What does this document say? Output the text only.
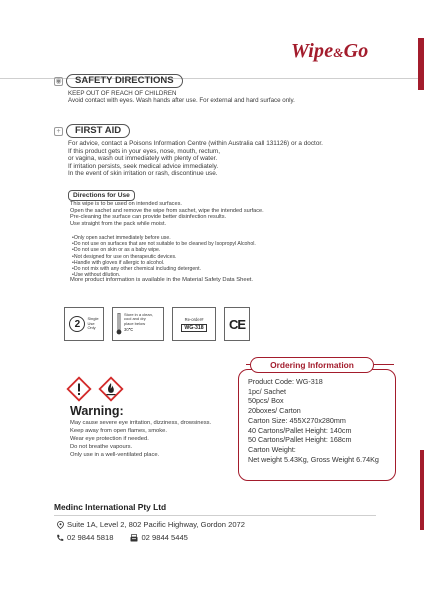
Wipe&Go
◉	SAFETY DIRECTIONS
KEEP OUT OF REACH OF CHILDREN
Avoid contact with eyes. Wash hands after use. For external and hard surface only.
+	FIRST AID
For advice, contact a Poisons Information Centre (within Australia call 131126) or a doctor.
If this product gets in your eyes, nose, mouth, rectum,
or vagina, wash out immediately with plenty of water.
If irritation persists, seek medical advice immediately.
In the event of skin irritation or rash, discontinue use.
Directions for Use
This wipe is to be used on intended surfaces.
Open the sachet and remove the wipe from sachet, wipe the intended surface.
Pre-cleaning the surface can provide better disinfection results.
Use straight from the pack while moist.
• Only open sachet immediately before use.
• Do not use on surfaces that are not suitable to be cleaned by Isopropyl Alcohol.
• Do not use on skin or as a baby wipe.
• Not designed for use on therapeutic devices.
• Handle with gloves if allergic to alcohol.
• Do not mix with any other chemical including detergent.
• Use without dilution.
More product information is available in the Material Safety Data Sheet.
2	Single
Use
Only
Store in a clean,
cool and dry
place below
30℃
Re-order#
WG-318	CE
Product Code: WG-318
1pc/ Sachet
50pcs/ Box
20boxes/ Carton
Carton Size: 455X270x280mm
40 Cartons/Pallet Height: 140cm
50 Cartons/Pallet Height: 168cm
Carton Weight:
Net weight 5.43Kg, Gross Weight 6.74Kg
Ordering Information
Warning:
May cause severe eye irritation, dizziness, drowsiness.
Keep away from open flames, smoke.
Wear eye protection if needed.
Do not breathe vapours.
Only use in a well-ventilated place.
Medinc International Pty Ltd
Suite 1A, Level 2, 802 Pacific Highway, Gordon 2072
02 9844 5818	02 9844 5445
